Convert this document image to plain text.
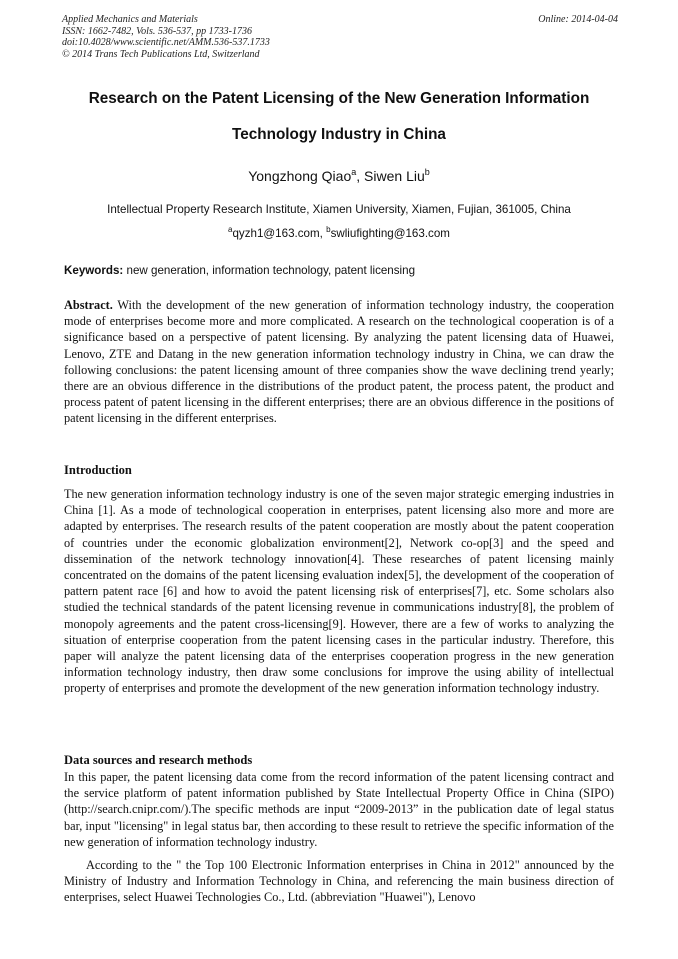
Applied Mechanics and Materials
ISSN: 1662-7482, Vols. 536-537, pp 1733-1736
doi:10.4028/www.scientific.net/AMM.536-537.1733
© 2014 Trans Tech Publications Ltd, Switzerland
Online: 2014-04-04
Research on the Patent Licensing of the New Generation Information
Technology Industry in China
Yongzhong Qiao$^a$, Siwen Liu$^b$
Intellectual Property Research Institute, Xiamen University, Xiamen, Fujian, 361005, China
$^a$qyzh1@163.com, $^b$swliufighting@163.com
Keywords: new generation, information technology, patent licensing
Abstract. With the development of the new generation of information technology industry, the cooperation mode of enterprises become more and more complicated. A research on the technological cooperation is of a significance based on a perspective of patent licensing. By analyzing the patent licensing data of Huawei, Lenovo, ZTE and Datang in the new generation information technology industry in China, we can draw the following conclusions: the patent licensing amount of three companies show the wave declining trend yearly; there are an obvious difference in the distributions of the product patent, the process patent, the product and process patent of patent licensing in the different enterprises; there are an obvious difference in the positions of patent licensing in the different enterprises.
Introduction
The new generation information technology industry is one of the seven major strategic emerging industries in China [1]. As a mode of technological cooperation in enterprises, patent licensing also more and more are adapted by enterprises. The research results of the patent cooperation are mostly about the patent cooperation of countries under the economic globalization environment[2], Network co-op[3] and the speed and dissemination of the network technology innovation[4]. These researches of patent licensing mainly concentrated on the domains of the patent licensing evaluation index[5], the development of the cooperation of pattern patent race [6] and how to avoid the patent licensing risk of enterprises[7], etc. Some scholars also studied the technical standards of the patent licensing revenue in communications industry[8], the problem of monopoly agreements and the patent cross-licensing[9]. However, there are a few of works to analyzing the situation of enterprise cooperation from the patent licensing cases in the particular industry. Therefore, this paper will analyze the patent licensing data of the enterprises cooperation progress in the new generation information technology industry, then draw some conclusions for improve the using ability of intellectual property of enterprises and promote the development of the new generation information technology industry.
Data sources and research methods
In this paper, the patent licensing data come from the record information of the patent licensing contract and the service platform of patent information published by State Intellectual Property Office in China (SIPO) (http://search.cnipr.com/).The specific methods are input “2009-2013” in the publication date of legal status bar, input "licensing" in legal status bar, then according to these result to retrieve the specific information of the new generation of information technology industry.
According to the " the Top 100 Electronic Information enterprises in China in 2012" announced by the Ministry of Industry and Information Technology in China, and referencing the main business direction of enterprises, select Huawei Technologies Co., Ltd. (abbreviation "Huawei"), Lenovo
